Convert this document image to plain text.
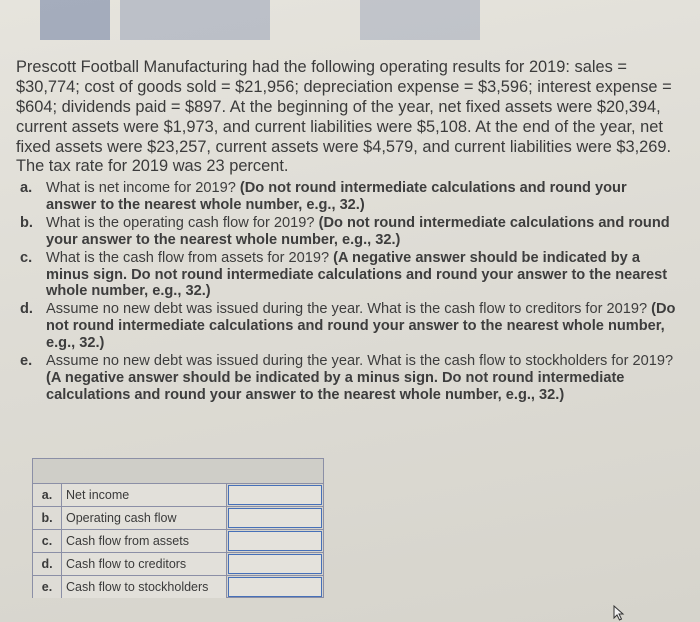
Prescott Football Manufacturing had the following operating results for 2019: sales = $30,774; cost of goods sold = $21,956; depreciation expense = $3,596; interest expense = $604; dividends paid = $897. At the beginning of the year, net fixed assets were $20,394, current assets were $1,973, and current liabilities were $5,108. At the end of the year, net fixed assets were $23,257, current assets were $4,579, and current liabilities were $3,269. The tax rate for 2019 was 23 percent.

a. What is net income for 2019? (Do not round intermediate calculations and round your answer to the nearest whole number, e.g., 32.)
b. What is the operating cash flow for 2019? (Do not round intermediate calculations and round your answer to the nearest whole number, e.g., 32.)
c. What is the cash flow from assets for 2019? (A negative answer should be indicated by a minus sign. Do not round intermediate calculations and round your answer to the nearest whole number, e.g., 32.)
d. Assume no new debt was issued during the year. What is the cash flow to creditors for 2019? (Do not round intermediate calculations and round your answer to the nearest whole number, e.g., 32.)
e. Assume no new debt was issued during the year. What is the cash flow to stockholders for 2019? (A negative answer should be indicated by a minus sign. Do not round intermediate calculations and round your answer to the nearest whole number, e.g., 32.)
a.	Net income
b.	Operating cash flow
c.	Cash flow from assets
d.	Cash flow to creditors
e.	Cash flow to stockholders
